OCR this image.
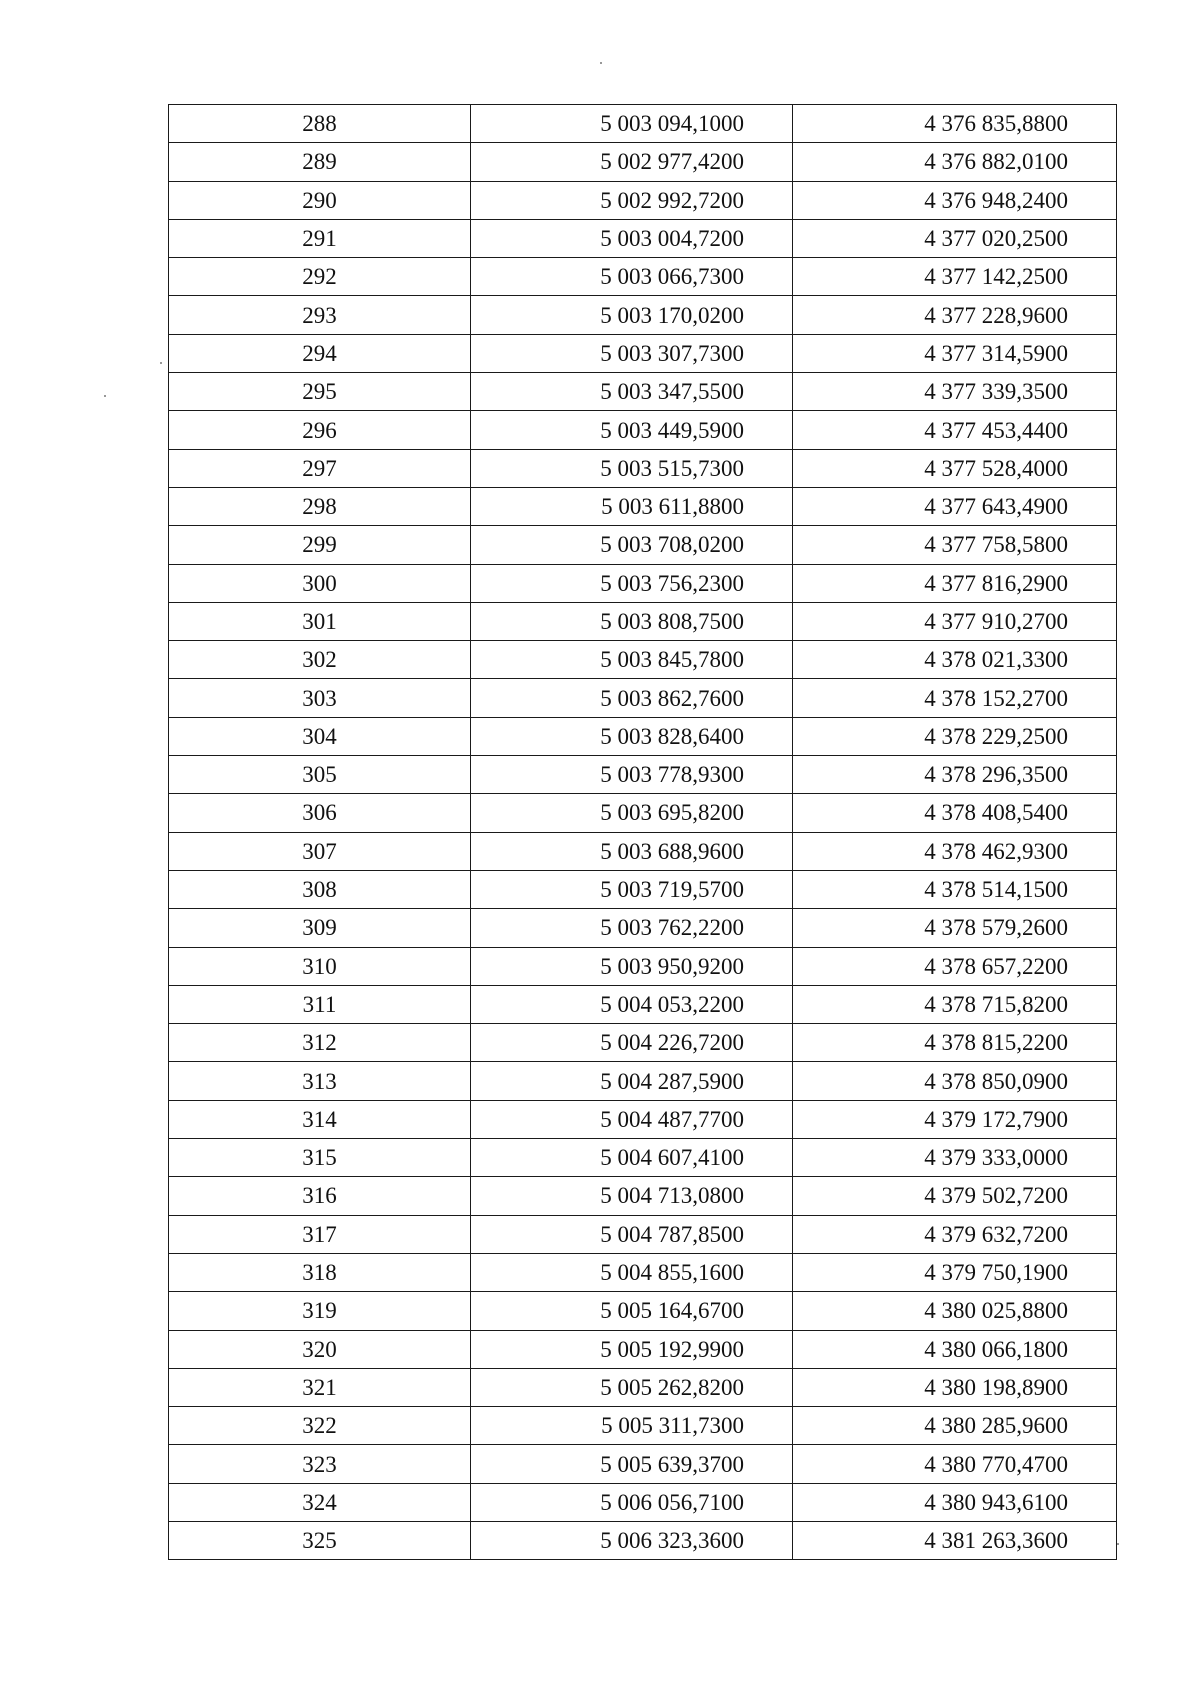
288	5 003 094,1000	4 376 835,8800
289	5 002 977,4200	4 376 882,0100
290	5 002 992,7200	4 376 948,2400
291	5 003 004,7200	4 377 020,2500
292	5 003 066,7300	4 377 142,2500
293	5 003 170,0200	4 377 228,9600
294	5 003 307,7300	4 377 314,5900
295	5 003 347,5500	4 377 339,3500
296	5 003 449,5900	4 377 453,4400
297	5 003 515,7300	4 377 528,4000
298	5 003 611,8800	4 377 643,4900
299	5 003 708,0200	4 377 758,5800
300	5 003 756,2300	4 377 816,2900
301	5 003 808,7500	4 377 910,2700
302	5 003 845,7800	4 378 021,3300
303	5 003 862,7600	4 378 152,2700
304	5 003 828,6400	4 378 229,2500
305	5 003 778,9300	4 378 296,3500
306	5 003 695,8200	4 378 408,5400
307	5 003 688,9600	4 378 462,9300
308	5 003 719,5700	4 378 514,1500
309	5 003 762,2200	4 378 579,2600
310	5 003 950,9200	4 378 657,2200
311	5 004 053,2200	4 378 715,8200
312	5 004 226,7200	4 378 815,2200
313	5 004 287,5900	4 378 850,0900
314	5 004 487,7700	4 379 172,7900
315	5 004 607,4100	4 379 333,0000
316	5 004 713,0800	4 379 502,7200
317	5 004 787,8500	4 379 632,7200
318	5 004 855,1600	4 379 750,1900
319	5 005 164,6700	4 380 025,8800
320	5 005 192,9900	4 380 066,1800
321	5 005 262,8200	4 380 198,8900
322	5 005 311,7300	4 380 285,9600
323	5 005 639,3700	4 380 770,4700
324	5 006 056,7100	4 380 943,6100
325	5 006 323,3600	4 381 263,3600
